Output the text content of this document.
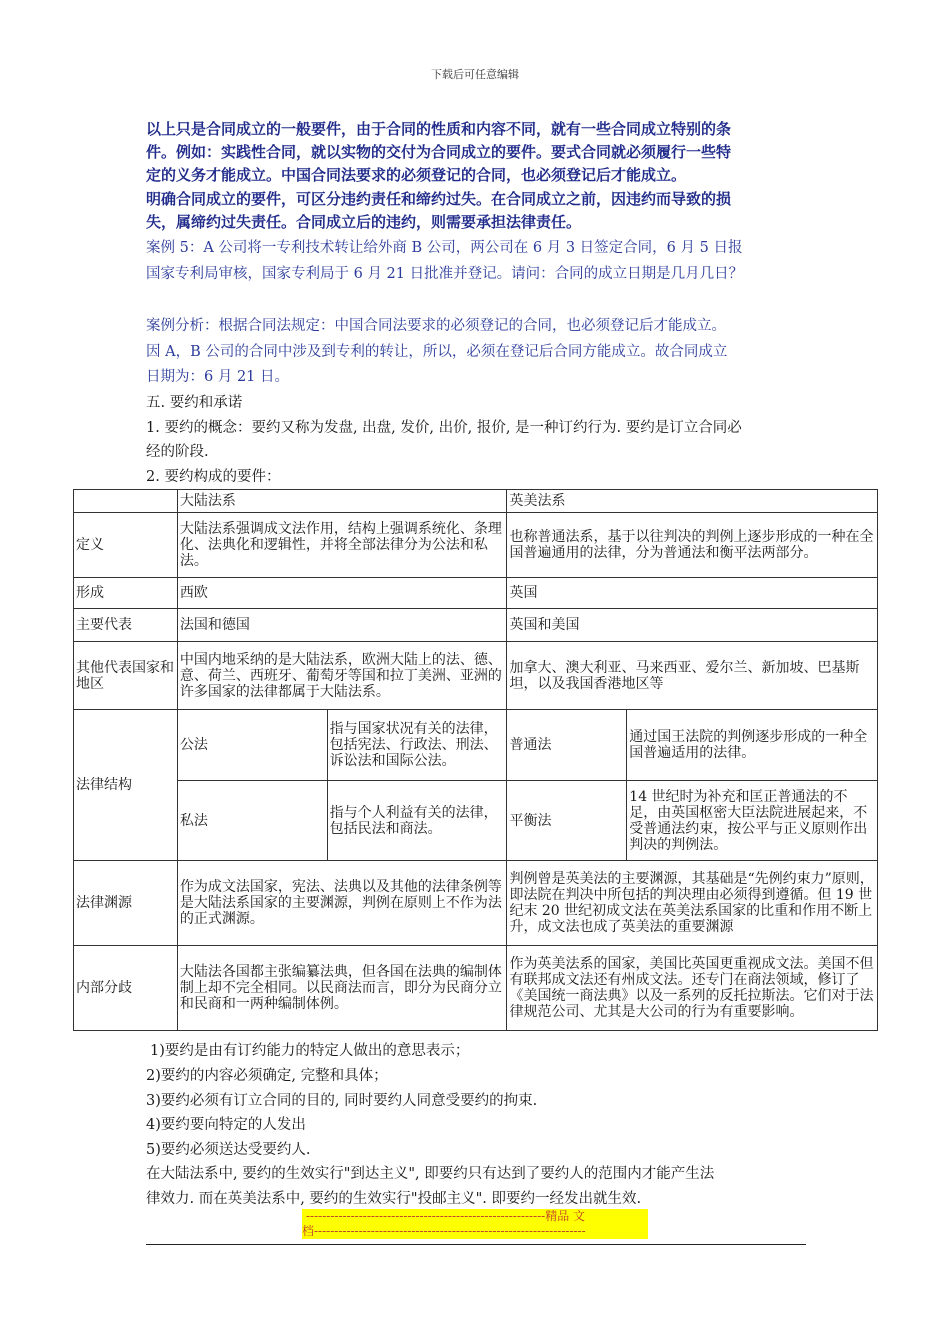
下载后可任意编辑
以上只是合同成立的一般要件，由于合同的性质和内容不同，就有一些合同成立特别的条
件。例如：实践性合同，就以实物的交付为合同成立的要件。要式合同就必须履行一些特
定的义务才能成立。中国合同法要求的必须登记的合同，也必须登记后才能成立。
明确合同成立的要件，可区分违约责任和缔约过失。在合同成立之前，因违约而导致的损
失，属缔约过失责任。合同成立后的违约，则需要承担法律责任。
案例 5：A 公司将一专利技术转让给外商 B 公司，两公司在 6 月 3 日签定合同，6 月 5 日报
国家专利局审核，国家专利局于 6 月 21 日批准并登记。请问：合同的成立日期是几月几日？
案例分析：根据合同法规定：中国合同法要求的必须登记的合同，也必须登记后才能成立。
因 A，B 公司的合同中涉及到专利的转让，所以，必须在登记后合同方能成立。故合同成立
日期为：6 月 21 日。
五. 要约和承诺
1. 要约的概念：要约又称为发盘, 出盘, 发价, 出价, 报价, 是一种订约行为. 要约是订立合同必
经的阶段.
2. 要约构成的要件：
	大陆法系		英美法系	
定义	大陆法系强调成文法作用，结构上强调系统化、条理化、法典化和逻辑性，并将全部法律分为公法和私法。		也称普通法系，基于以往判决的判例上逐步形成的一种在全国普遍通用的法律，分为普通法和衡平法两部分。	
形成	西欧		英国	
主要代表	法国和德国		英国和美国	
其他代表国家和地区	中国内地采纳的是大陆法系，欧洲大陆上的法、德、意、荷兰、西班牙、葡萄牙等国和拉丁美洲、亚洲的许多国家的法律都属于大陆法系。		加拿大、澳大利亚、马来西亚、爱尔兰、新加坡、巴基斯坦，以及我国香港地区等	
法律结构	公法	指与国家状况有关的法律，包括宪法、行政法、刑法、诉讼法和国际公法。	普通法	通过国王法院的判例逐步形成的一种全国普遍适用的法律。
	私法	指与个人利益有关的法律，包括民法和商法。	平衡法	14 世纪时为补充和匡正普通法的不足，由英国枢密大臣法院进展起来，不受普通法约束，按公平与正义原则作出判决的判例法。
法律渊源	作为成文法国家，宪法、法典以及其他的法律条例等是大陆法系国家的主要渊源，判例在原则上不作为法的正式渊源。		判例曾是英美法的主要渊源，其基础是“先例约束力”原则，即法院在判决中所包括的判决理由必须得到遵循。但 19 世纪末 20 世纪初成文法在英美法系国家的比重和作用不断上升，成文法也成了英美法的重要渊源	
内部分歧	大陆法各国都主张编纂法典，但各国在法典的编制体制上却不完全相同。以民商法而言，即分为民商分立和民商和一两种编制体例。		作为英美法系的国家，美国比英国更重视成文法。美国不但有联邦成文法还有州成文法。还专门在商法领域，修订了《美国统一商法典》以及一系列的反托拉斯法。它们对于法律规范公司、尤其是大公司的行为有重要影响。	
1)要约是由有订约能力的特定人做出的意思表示；
2)要约的内容必须确定, 完整和具体；
3)要约必须有订立合同的目的, 同时要约人同意受要约的拘束.
4)要约要向特定的人发出
5)要约必须送达受要约人.
在大陆法系中, 要约的生效实行"到达主义", 即要约只有达到了要约人的范围内才能产生法
律效力. 而在英美法系中, 要约的生效实行"投邮主义". 即要约一经发出就生效.
-----------------------------------------------------------精品 文
档-------------------------------------------------------------------
